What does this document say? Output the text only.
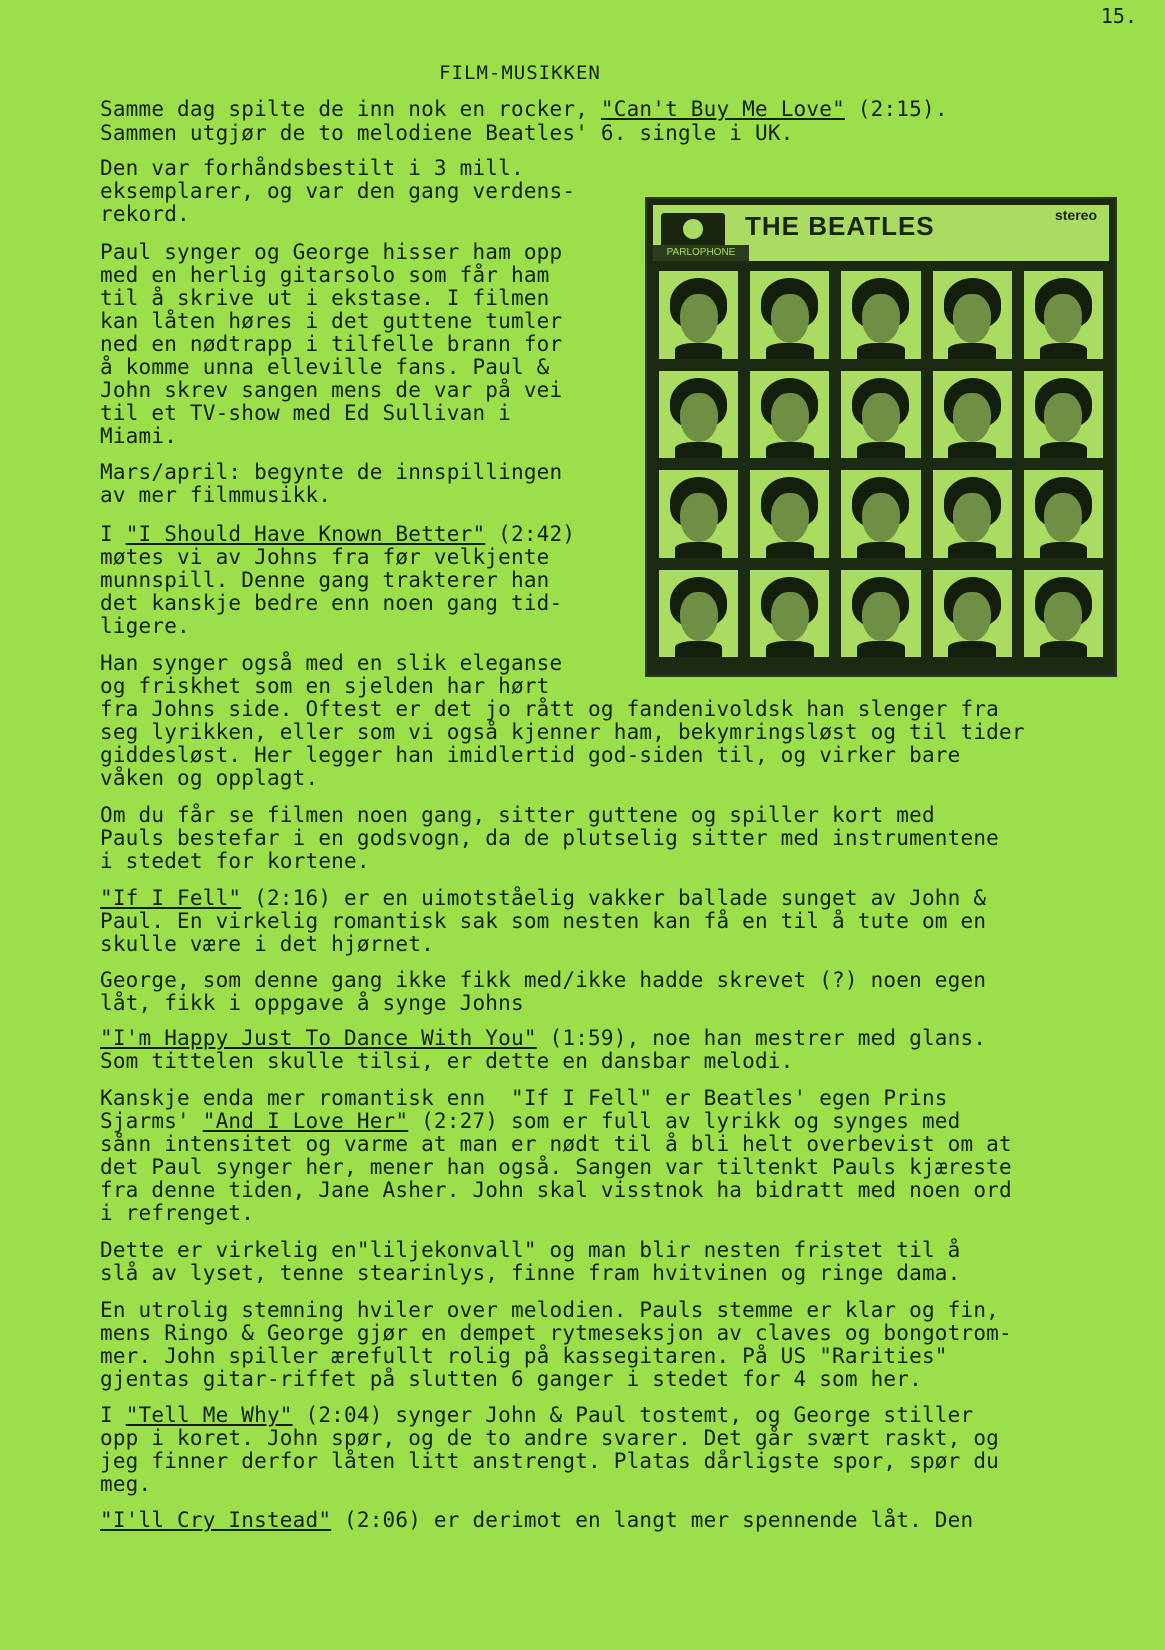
15.
FILM-MUSIKKEN
Samme dag spilte de inn nok en rocker, "Can't Buy Me Love" (2:15).
Sammen utgjør de to melodiene Beatles' 6. single i UK.
Den var forhåndsbestilt i 3 mill.
eksemplarer, og var den gang verdens-
rekord.
Paul synger og George hisser ham opp
med en herlig gitarsolo som får ham
til å skrive ut i ekstase. I filmen
kan låten høres i det guttene tumler
ned en nødtrapp i tilfelle brann for
å komme unna elleville fans. Paul &
John skrev sangen mens de var på vei
til et TV-show med Ed Sullivan i
Miami.
Mars/april: begynte de innspillingen
av mer filmmusikk.
I "I Should Have Known Better" (2:42)
møtes vi av Johns fra før velkjente
munnspill. Denne gang trakterer han
det kanskje bedre enn noen gang tid-
ligere.
Han synger også med en slik eleganse
og friskhet som en sjelden har hørt
fra Johns side. Oftest er det jo rått og fandenivoldsk han slenger fra
seg lyrikken, eller som vi også kjenner ham, bekymringsløst og til tider
giddesløst. Her legger han imidlertid god-siden til, og virker bare
våken og opplagt.
Om du får se filmen noen gang, sitter guttene og spiller kort med
Pauls bestefar i en godsvogn, da de plutselig sitter med instrumentene
i stedet for kortene.
"If I Fell" (2:16) er en uimotståelig vakker ballade sunget av John &
Paul. En virkelig romantisk sak som nesten kan få en til å tute om en
skulle være i det hjørnet.
George, som denne gang ikke fikk med/ikke hadde skrevet (?) noen egen
låt, fikk i oppgave å synge Johns
"I'm Happy Just To Dance With You" (1:59), noe han mestrer med glans.
Som tittelen skulle tilsi, er dette en dansbar melodi.
Kanskje enda mer romantisk enn  "If I Fell" er Beatles' egen Prins
Sjarms' "And I Love Her" (2:27) som er full av lyrikk og synges med
sånn intensitet og varme at man er nødt til å bli helt overbevist om at
det Paul synger her, mener han også. Sangen var tiltenkt Pauls kjæreste
fra denne tiden, Jane Asher. John skal visstnok ha bidratt med noen ord
i refrenget.
Dette er virkelig en"liljekonvall" og man blir nesten fristet til å
slå av lyset, tenne stearinlys, finne fram hvitvinen og ringe dama.
En utrolig stemning hviler over melodien. Pauls stemme er klar og fin,
mens Ringo & George gjør en dempet rytmeseksjon av claves og bongotrom-
mer. John spiller ærefullt rolig på kassegitaren. På US "Rarities"
gjentas gitar-riffet på slutten 6 ganger i stedet for 4 som her.
I "Tell Me Why" (2:04) synger John & Paul tostemt, og George stiller
opp i koret. John spør, og de to andre svarer. Det går svært raskt, og
jeg finner derfor låten litt anstrengt. Platas dårligste spor, spør du
meg.
"I'll Cry Instead" (2:06) er derimot en langt mer spennende låt. Den
PARLOPHONE
THE BEATLES	stereo
